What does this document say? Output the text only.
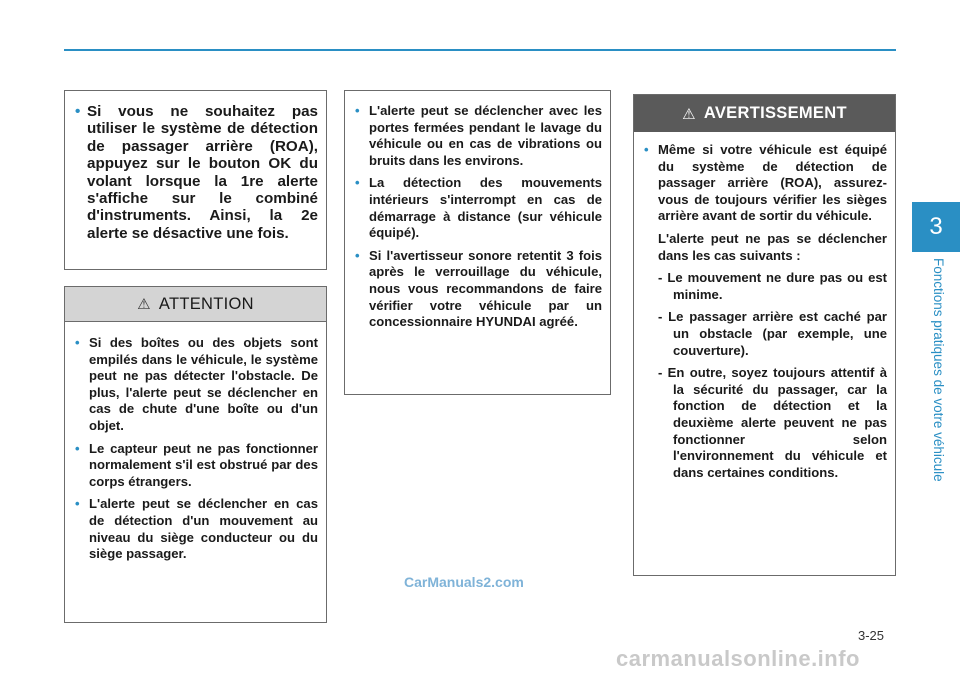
• Si vous ne souhaitez pas utiliser le système de détection de passager arrière (ROA), appuyez sur le bouton OK du volant lorsque la 1re alerte s'affiche sur le combiné d'instruments. Ainsi, la 2e alerte se désactive une fois.
⚠ ATTENTION
• Si des boîtes ou des objets sont empilés dans le véhicule, le système peut ne pas détecter l'obstacle. De plus, l'alerte peut se déclencher en cas de chute d'une boîte ou d'un objet.
• Le capteur peut ne pas fonctionner normalement s'il est obstrué par des corps étrangers.
• L'alerte peut se déclencher en cas de détection d'un mouvement au niveau du siège conducteur ou du siège passager.
• L'alerte peut se déclencher avec les portes fermées pendant le lavage du véhicule ou en cas de vibrations ou bruits dans les environs.
• La détection des mouvements intérieurs s'interrompt en cas de démarrage à distance (sur véhicule équipé).
• Si l'avertisseur sonore retentit 3 fois après le verrouillage du véhicule, nous vous recommandons de faire vérifier votre véhicule par un concessionnaire HYUNDAI agréé.
⚠ AVERTISSEMENT
• Même si votre véhicule est équipé du système de détection de passager arrière (ROA), assurez-vous de toujours vérifier les sièges arrière avant de sortir du véhicule.
L'alerte peut ne pas se déclencher dans les cas suivants :
- Le mouvement ne dure pas ou est minime.
- Le passager arrière est caché par un obstacle (par exemple, une couverture).
- En outre, soyez toujours attentif à la sécurité du passager, car la fonction de détection et la deuxième alerte peuvent ne pas fonctionner selon l'environnement du véhicule et dans certaines conditions.
3
Fonctions pratiques de votre véhicule
3-25
CarManuals2.com
carmanualsonline.info
